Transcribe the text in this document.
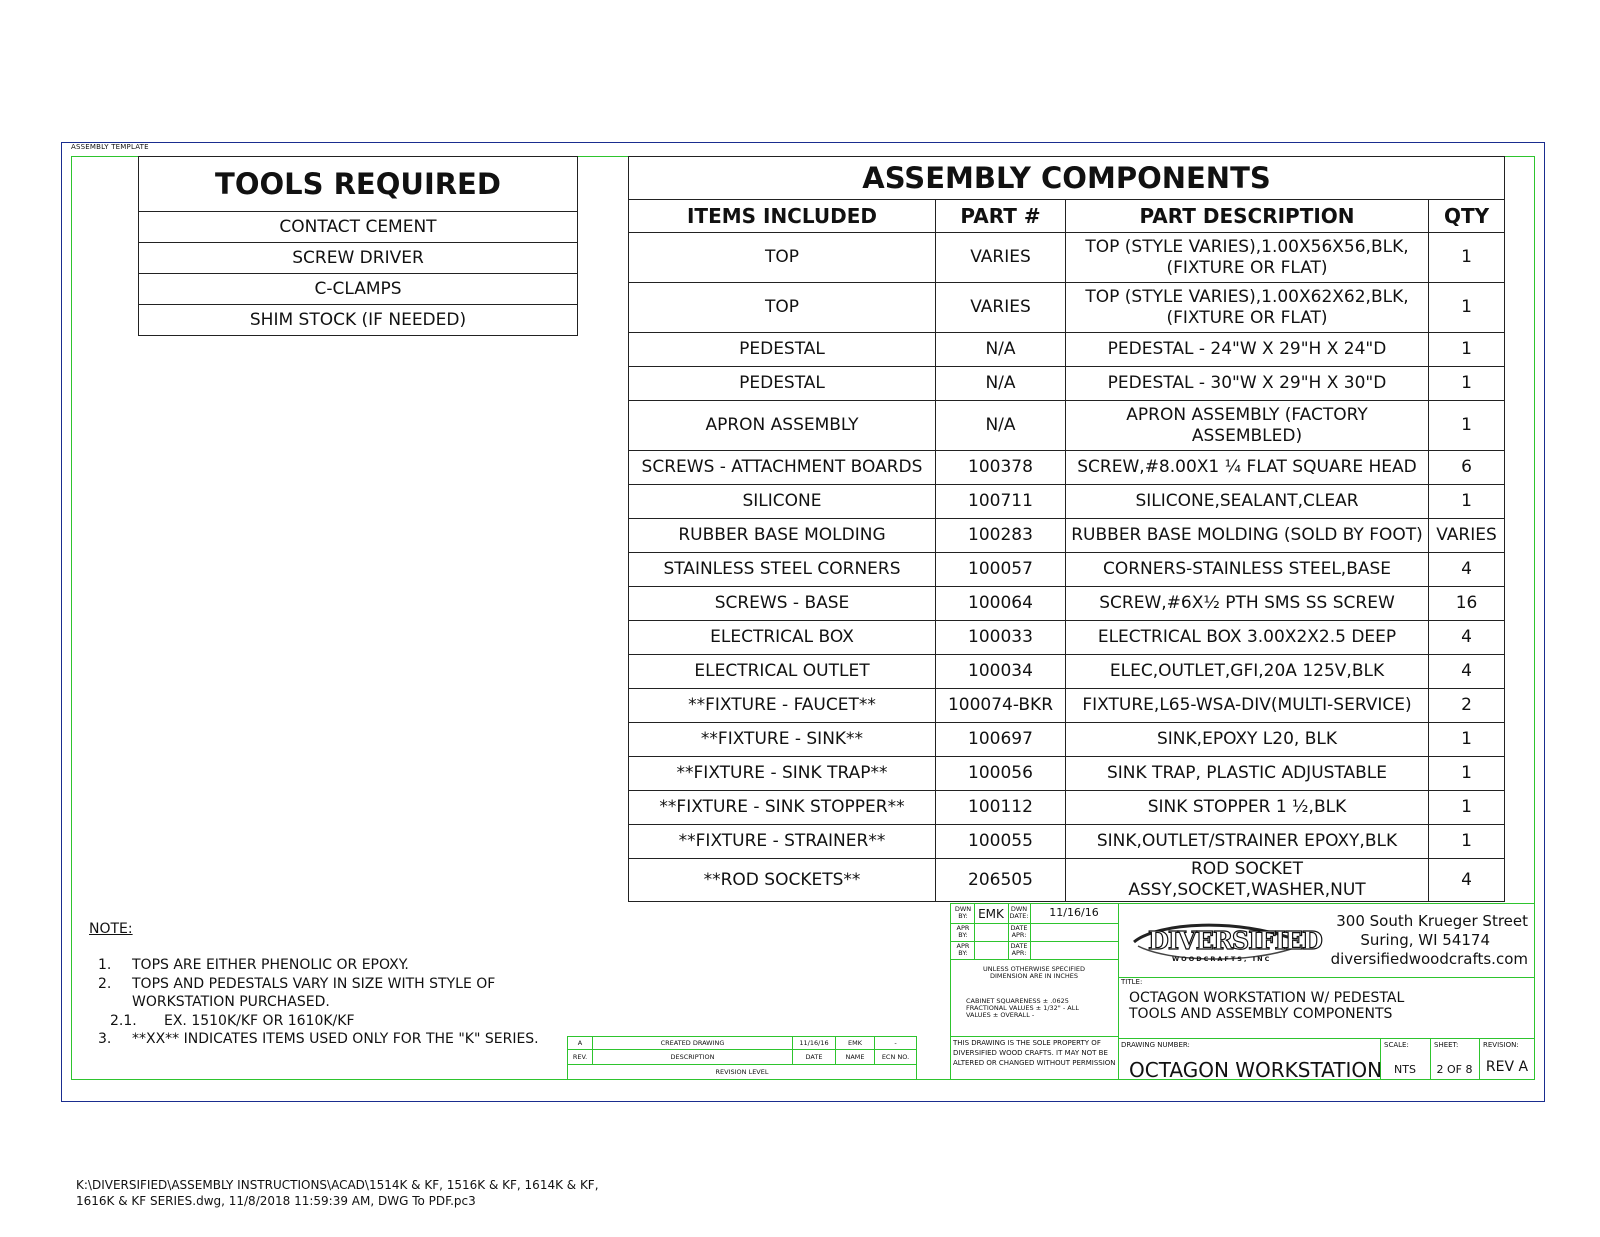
ASSEMBLY TEMPLATE
TOOLS REQUIRED
CONTACT CEMENT
SCREW DRIVER
C-CLAMPS
SHIM STOCK (IF NEEDED)
ASSEMBLY COMPONENTS			
ITEMS INCLUDED	PART #	PART DESCRIPTION	QTY
TOP	VARIES	TOP (STYLE VARIES),1.00X56X56,BLK, (FIXTURE OR FLAT)	1
TOP	VARIES	TOP (STYLE VARIES),1.00X62X62,BLK, (FIXTURE OR FLAT)	1
PEDESTAL	N/A	PEDESTAL - 24"W X 29"H X 24"D	1
PEDESTAL	N/A	PEDESTAL - 30"W X 29"H X 30"D	1
APRON ASSEMBLY	N/A	APRON ASSEMBLY (FACTORY ASSEMBLED)	1
SCREWS - ATTACHMENT BOARDS	100378	SCREW,#8.00X1 ¼ FLAT SQUARE HEAD	6
SILICONE	100711	SILICONE,SEALANT,CLEAR	1
RUBBER BASE MOLDING	100283	RUBBER BASE MOLDING (SOLD BY FOOT)	VARIES
STAINLESS STEEL CORNERS	100057	CORNERS-STAINLESS STEEL,BASE	4
SCREWS - BASE	100064	SCREW,#6X½ PTH SMS SS SCREW	16
ELECTRICAL BOX	100033	ELECTRICAL BOX 3.00X2X2.5 DEEP	4
ELECTRICAL OUTLET	100034	ELEC,OUTLET,GFI,20A 125V,BLK	4
**FIXTURE - FAUCET**	100074-BKR	FIXTURE,L65-WSA-DIV(MULTI-SERVICE)	2
**FIXTURE - SINK**	100697	SINK,EPOXY L20, BLK	1
**FIXTURE - SINK TRAP**	100056	SINK TRAP, PLASTIC ADJUSTABLE	1
**FIXTURE - SINK STOPPER**	100112	SINK STOPPER 1 ½,BLK	1
**FIXTURE - STRAINER**	100055	SINK,OUTLET/STRAINER EPOXY,BLK	1
**ROD SOCKETS**	206505	ROD SOCKET ASSY,SOCKET,WASHER,NUT	4
NOTE:
1.	TOPS ARE EITHER PHENOLIC OR EPOXY.
2.	TOPS AND PEDESTALS VARY IN SIZE WITH STYLE OF WORKSTATION PURCHASED.
2.1.	EX. 1510K/KF OR 1610K/KF
3.	**XX** INDICATES ITEMS USED ONLY FOR THE "K" SERIES.	A	CREATED DRAWING	11/16/16	EMK	-
REV.	DESCRIPTION	DATE	NAME	ECN NO.
REVISION LEVEL
DWN BY: EMK	DWN DATE:	11/16/16
APR BY:
DATE APR:
APR BY:
DATE APR:
UNLESS OTHERWISE SPECIFIED DIMENSION ARE IN INCHES
CABINET SQUARENESS ± .0625 FRACTIONAL VALUES ± 1/32" - ALL VALUES ± OVERALL -
THIS DRAWING IS THE SOLE PROPERTY OF DIVERSIFIED WOOD CRAFTS. IT MAY NOT BE ALTERED OR CHANGED WITHOUT PERMISSION
DIVERSIFIED
WOODCRAFTS, INC
300 South Krueger Street
Suring, WI 54174
diversifiedwoodcrafts.com
TITLE:
OCTAGON WORKSTATION W/ PEDESTAL
TOOLS AND ASSEMBLY COMPONENTS
DRAWING NUMBER:
OCTAGON WORKSTATION
SCALE:
NTS
SHEET:
2 OF 8
REVISION:
REV A
K:\DIVERSIFIED\ASSEMBLY INSTRUCTIONS\ACAD\1514K & KF, 1516K & KF, 1614K & KF,
1616K & KF SERIES.dwg, 11/8/2018 11:59:39 AM, DWG To PDF.pc3
